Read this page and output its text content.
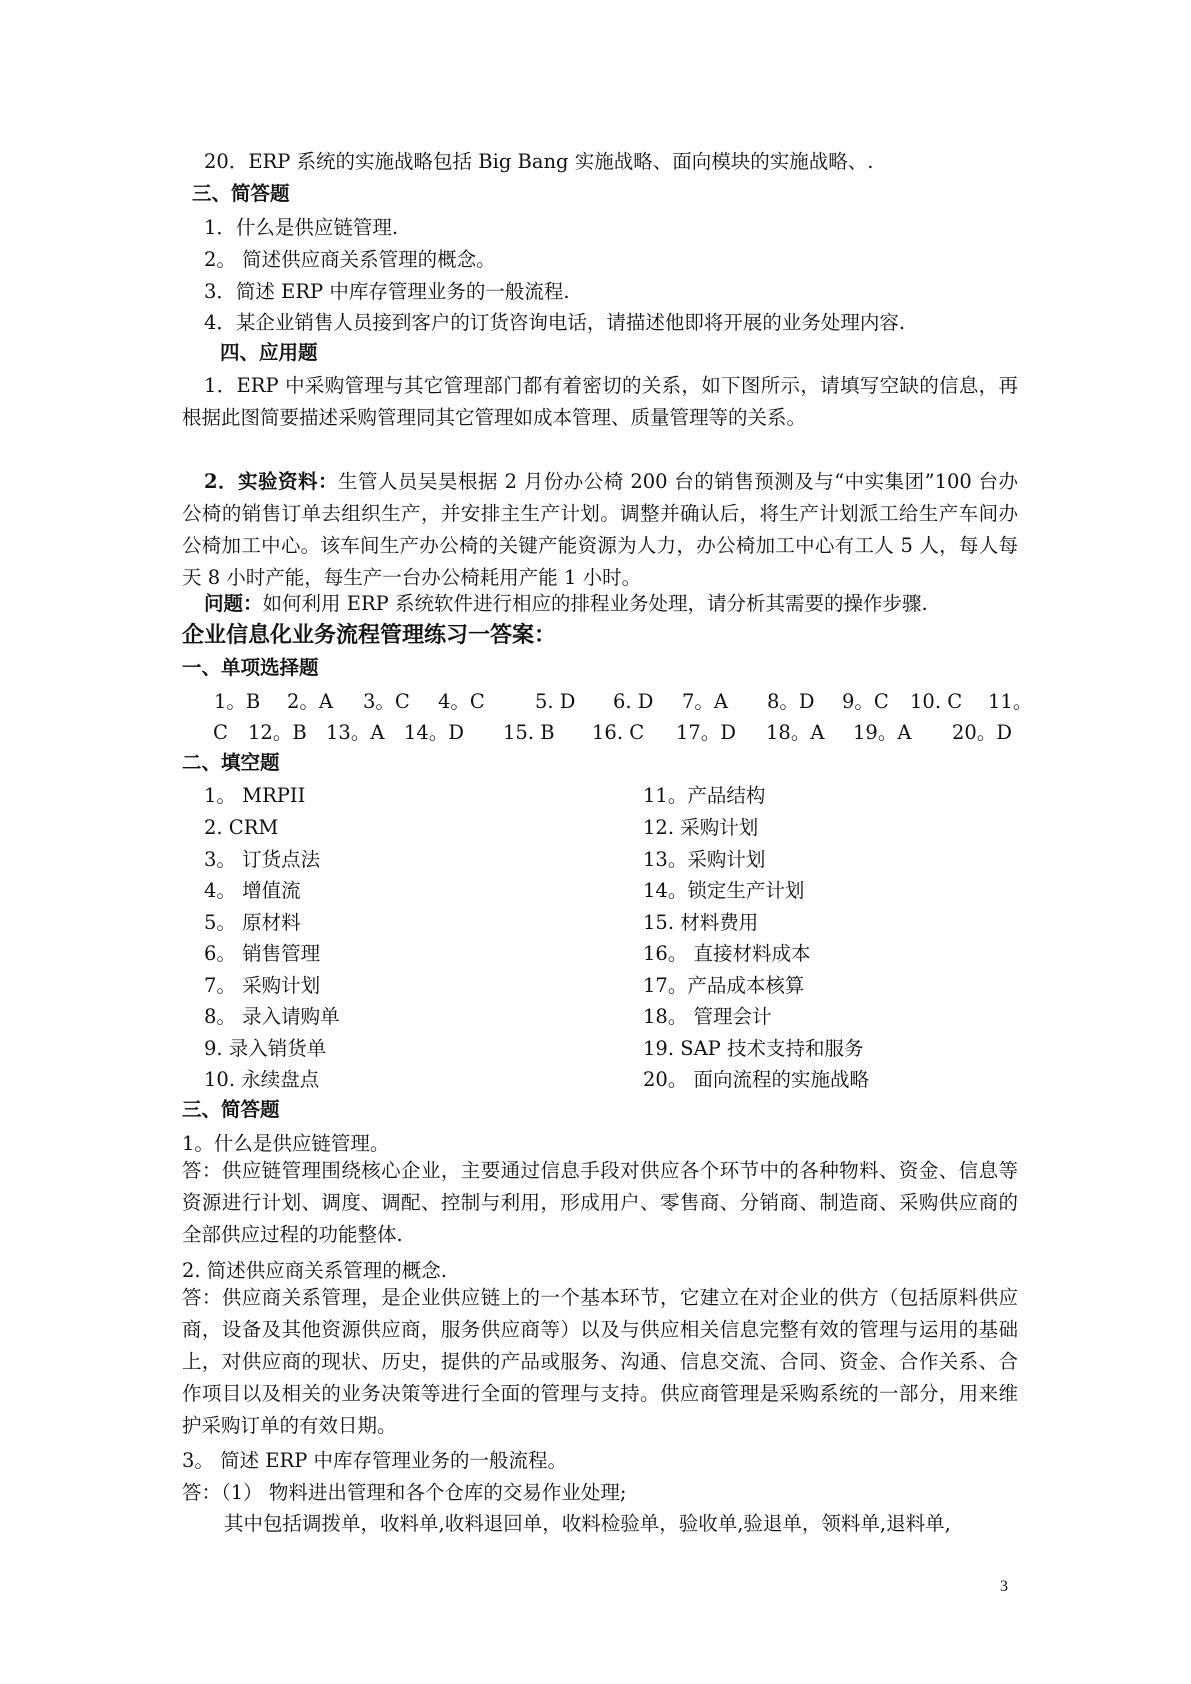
20．ERP 系统的实施战略包括 Big Bang 实施战略、面向模块的实施战略、.
三、简答题
1．什么是供应链管理.
2。 简述供应商关系管理的概念。
3．简述 ERP 中库存管理业务的一般流程.
4．某企业销售人员接到客户的订货咨询电话，请描述他即将开展的业务处理内容.
四、应用题
1．ERP 中采购管理与其它管理部门都有着密切的关系，如下图所示，请填写空缺的信息，再根据此图简要描述采购管理同其它管理如成本管理、质量管理等的关系。
2．实验资料：生管人员吴昊根据 2 月份办公椅 200 台的销售预测及与“中实集团”100 台办公椅的销售订单去组织生产，并安排主生产计划。调整并确认后，将生产计划派工给生产车间办公椅加工中心。该车间生产办公椅的关键产能资源为人力，办公椅加工中心有工人 5 人，每人每天 8 小时产能，每生产一台办公椅耗用产能 1 小时。
问题：如何利用 ERP 系统软件进行相应的排程业务处理，请分析其需要的操作步骤.
企业信息化业务流程管理练习一答案：
一、单项选择题
1。B 2。A 3。C 4。C	5. D 6. D 7。A 8。D 9。C 10. C 11。
C 12。B 13。A 14。D 15. B 16. C 17。D 18。A 19。A 20。D
二、填空题
1。 MRPII
2. CRM
3。 订货点法
4。 增值流
5。 原材料
6。 销售管理
7。 采购计划
8。 录入请购单
9. 录入销货单
10. 永续盘点
11。产品结构
12. 采购计划
13。采购计划
14。锁定生产计划
15. 材料费用
16。 直接材料成本
17。产品成本核算
18。 管理会计
19. SAP 技术支持和服务
20。 面向流程的实施战略
三、简答题
1。什么是供应链管理。
答：供应链管理围绕核心企业，主要通过信息手段对供应各个环节中的各种物料、资金、信息等资源进行计划、调度、调配、控制与利用，形成用户、零售商、分销商、制造商、采购供应商的全部供应过程的功能整体.
2. 简述供应商关系管理的概念.
答：供应商关系管理，是企业供应链上的一个基本环节，它建立在对企业的供方（包括原料供应商，设备及其他资源供应商，服务供应商等）以及与供应相关信息完整有效的管理与运用的基础上，对供应商的现状、历史，提供的产品或服务、沟通、信息交流、合同、资金、合作关系、合作项目以及相关的业务决策等进行全面的管理与支持。供应商管理是采购系统的一部分，用来维护采购订单的有效日期。
3。 简述 ERP 中库存管理业务的一般流程。
答：（1） 物料进出管理和各个仓库的交易作业处理;
其中包括调拨单，收料单,收料退回单，收料检验单，验收单,验退单，领料单,退料单,
3
